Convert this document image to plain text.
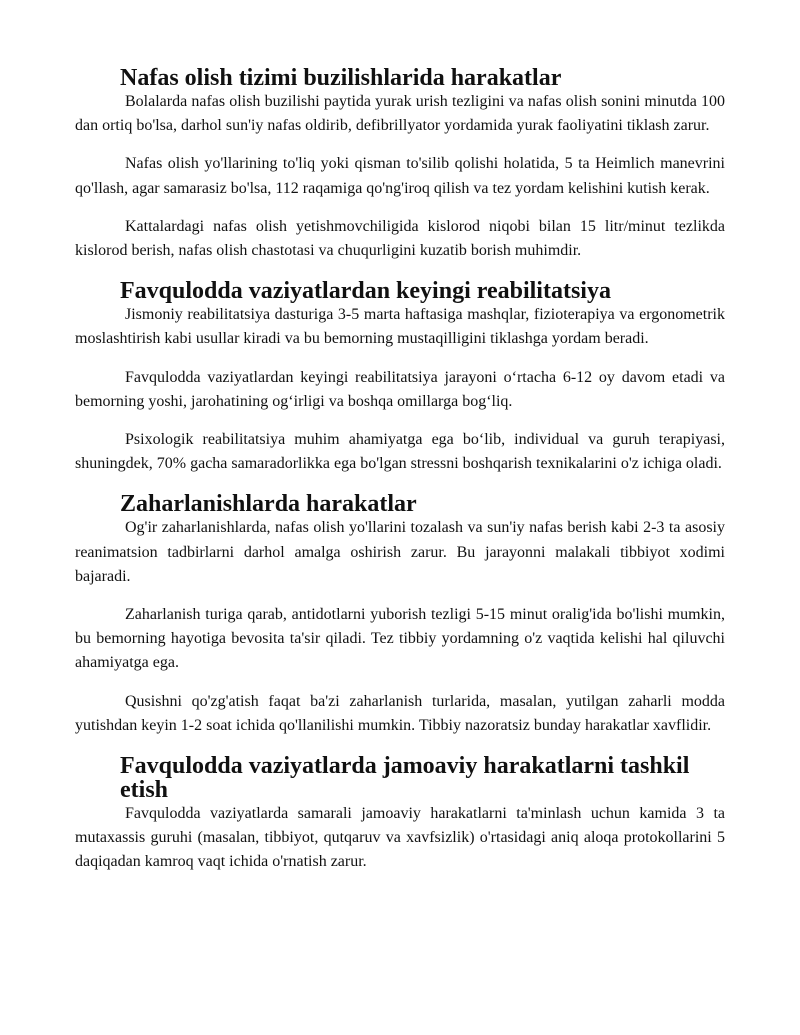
Nafas olish tizimi buzilishlarida harakatlar

Bolalarda nafas olish buzilishi paytida yurak urish tezligini va nafas olish sonini minutda 100 dan ortiq bo'lsa, darhol sun'iy nafas oldirib, defibrillyator yordamida yurak faoliyatini tiklash zarur.

Nafas olish yo'llarining to'liq yoki qisman to'silib qolishi holatida, 5 ta Heimlich manevrini qo'llash, agar samarasiz bo'lsa, 112 raqamiga qo'ng'iroq qilish va tez yordam kelishini kutish kerak.

Kattalardagi nafas olish yetishmovchiligida kislorod niqobi bilan 15 litr/minut tezlikda kislorod berish, nafas olish chastotasi va chuqurligini kuzatib borish muhimdir.

Favqulodda vaziyatlardan keyingi reabilitatsiya

Jismoniy reabilitatsiya dasturiga 3-5 marta haftasiga mashqlar, fizioterapiya va ergonometrik moslashtirish kabi usullar kiradi va bu bemorning mustaqilligini tiklashga yordam beradi.

Favqulodda vaziyatlardan keyingi reabilitatsiya jarayoni o‘rtacha 6-12 oy davom etadi va bemorning yoshi, jarohatining og‘irligi va boshqa omillarga bog‘liq.

Psixologik reabilitatsiya muhim ahamiyatga ega bo‘lib, individual va guruh terapiyasi, shuningdek, 70% gacha samaradorlikka ega bo'lgan stressni boshqarish texnikalarini o'z ichiga oladi.

Zaharlanishlarda harakatlar

Og'ir zaharlanishlarda, nafas olish yo'llarini tozalash va sun'iy nafas berish kabi 2-3 ta asosiy reanimatsion tadbirlarni darhol amalga oshirish zarur. Bu jarayonni malakali tibbiyot xodimi bajaradi.

Zaharlanish turiga qarab, antidotlarni yuborish tezligi 5-15 minut oralig'ida bo'lishi mumkin, bu bemorning hayotiga bevosita ta'sir qiladi. Tez tibbiy yordamning o'z vaqtida kelishi hal qiluvchi ahamiyatga ega.

Qusishni qo'zg'atish faqat ba'zi zaharlanish turlarida, masalan, yutilgan zaharli modda yutishdan keyin 1-2 soat ichida qo'llanilishi mumkin. Tibbiy nazoratsiz bunday harakatlar xavflidir.

Favqulodda vaziyatlarda jamoaviy harakatlarni tashkil etish

Favqulodda vaziyatlarda samarali jamoaviy harakatlarni ta'minlash uchun kamida 3 ta mutaxassis guruhi (masalan, tibbiyot, qutqaruv va xavfsizlik) o'rtasidagi aniq aloqa protokollarini 5 daqiqadan kamroq vaqt ichida o'rnatish zarur.
